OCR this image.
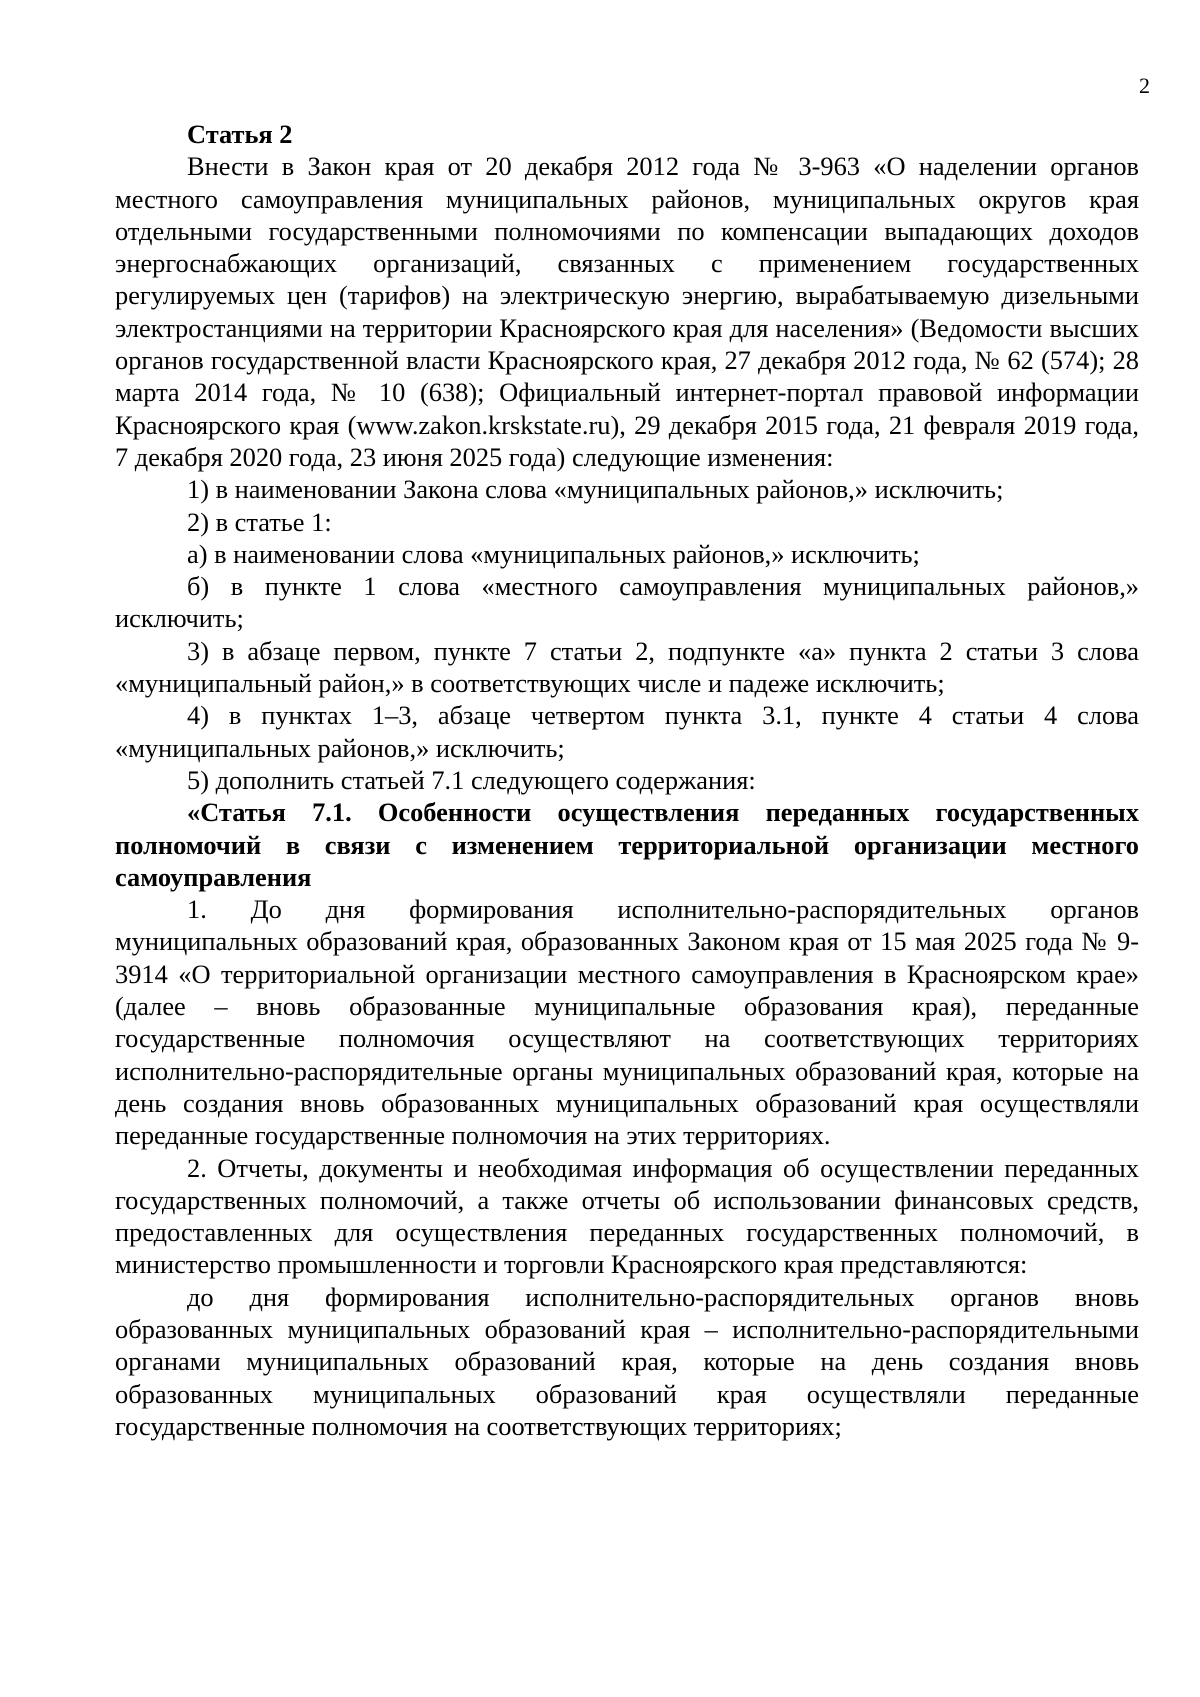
2

Статья 2

Внести в Закон края от 20 декабря 2012 года № 3-963 «О наделении органов местного самоуправления муниципальных районов, муниципальных округов края отдельными государственными полномочиями по компенсации выпадающих доходов энергоснабжающих организаций, связанных с применением государственных регулируемых цен (тарифов) на электрическую энергию, вырабатываемую дизельными электростанциями на территории Красноярского края для населения» (Ведомости высших органов государственной власти Красноярского края, 27 декабря 2012 года, № 62 (574); 28 марта 2014 года, № 10 (638); Официальный интернет-портал правовой информации Красноярского края (www.zakon.krskstate.ru), 29 декабря 2015 года, 21 февраля 2019 года, 7 декабря 2020 года, 23 июня 2025 года) следующие изменения:

1) в наименовании Закона слова «муниципальных районов,» исключить;

2) в статье 1:

а) в наименовании слова «муниципальных районов,» исключить;

б) в пункте 1 слова «местного самоуправления муниципальных районов,» исключить;

3) в абзаце первом, пункте 7 статьи 2, подпункте «а» пункта 2 статьи 3 слова «муниципальный район,» в соответствующих числе и падеже исключить;

4) в пунктах 1–3, абзаце четвертом пункта 3.1, пункте 4 статьи 4 слова «муниципальных районов,» исключить;

5) дополнить статьей 7.1 следующего содержания:

«Статья 7.1. Особенности осуществления переданных государственных полномочий в связи с изменением территориальной организации местного самоуправления

1. До дня формирования исполнительно-распорядительных органов муниципальных образований края, образованных Законом края от 15 мая 2025 года № 9-3914 «О территориальной организации местного самоуправления в Красноярском крае» (далее – вновь образованные муниципальные образования края), переданные государственные полномочия осуществляют на соответствующих территориях исполнительно-распорядительные органы муниципальных образований края, которые на день создания вновь образованных муниципальных образований края осуществляли переданные государственные полномочия на этих территориях.

2. Отчеты, документы и необходимая информация об осуществлении переданных государственных полномочий, а также отчеты об использовании финансовых средств, предоставленных для осуществления переданных государственных полномочий, в министерство промышленности и торговли Красноярского края представляются:

до дня формирования исполнительно-распорядительных органов вновь образованных муниципальных образований края – исполнительно-распорядительными органами муниципальных образований края, которые на день создания вновь образованных муниципальных образований края осуществляли переданные государственные полномочия на соответствующих территориях;
